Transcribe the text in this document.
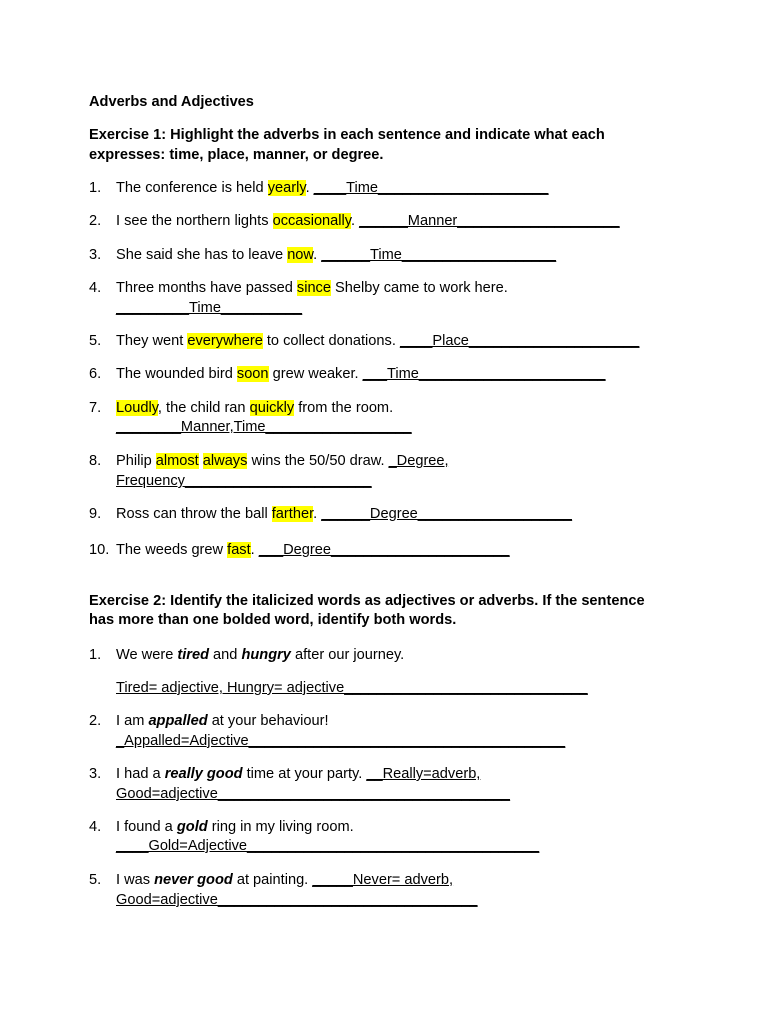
Adverbs and Adjectives
Exercise 1: Highlight the adverbs in each sentence and indicate what each
expresses: time, place, manner, or degree.
1. The conference is held yearly. ____Time_____________________
2. I see the northern lights occasionally. ______Manner____________________
3. She said she has to leave now. ______Time___________________
4. Three months have passed since Shelby came to work here.
_________Time__________
5. They went everywhere to collect donations. ____Place_____________________
6. The wounded bird soon grew weaker. ___Time_______________________
7. Loudly, the child ran quickly from the room.
________Manner,Time__________________
8. Philip almost always wins the 50/50 draw. _Degree,
Frequency_______________________
9. Ross can throw the ball farther. ______Degree___________________
10. The weeds grew fast. ___Degree______________________
Exercise 2: Identify the italicized words as adjectives or adverbs. If the sentence
has more than one bolded word, identify both words.
1. We were tired and hungry after our journey.
Tired= adjective, Hungry= adjective______________________________
2. I am appalled at your behaviour!
_Appalled=Adjective_______________________________________
3. I had a really good time at your party. __Really=adverb,
Good=adjective____________________________________
4. I found a gold ring in my living room.
____Gold=Adjective____________________________________
5. I was never good at painting. _____Never= adverb,
Good=adjective________________________________
